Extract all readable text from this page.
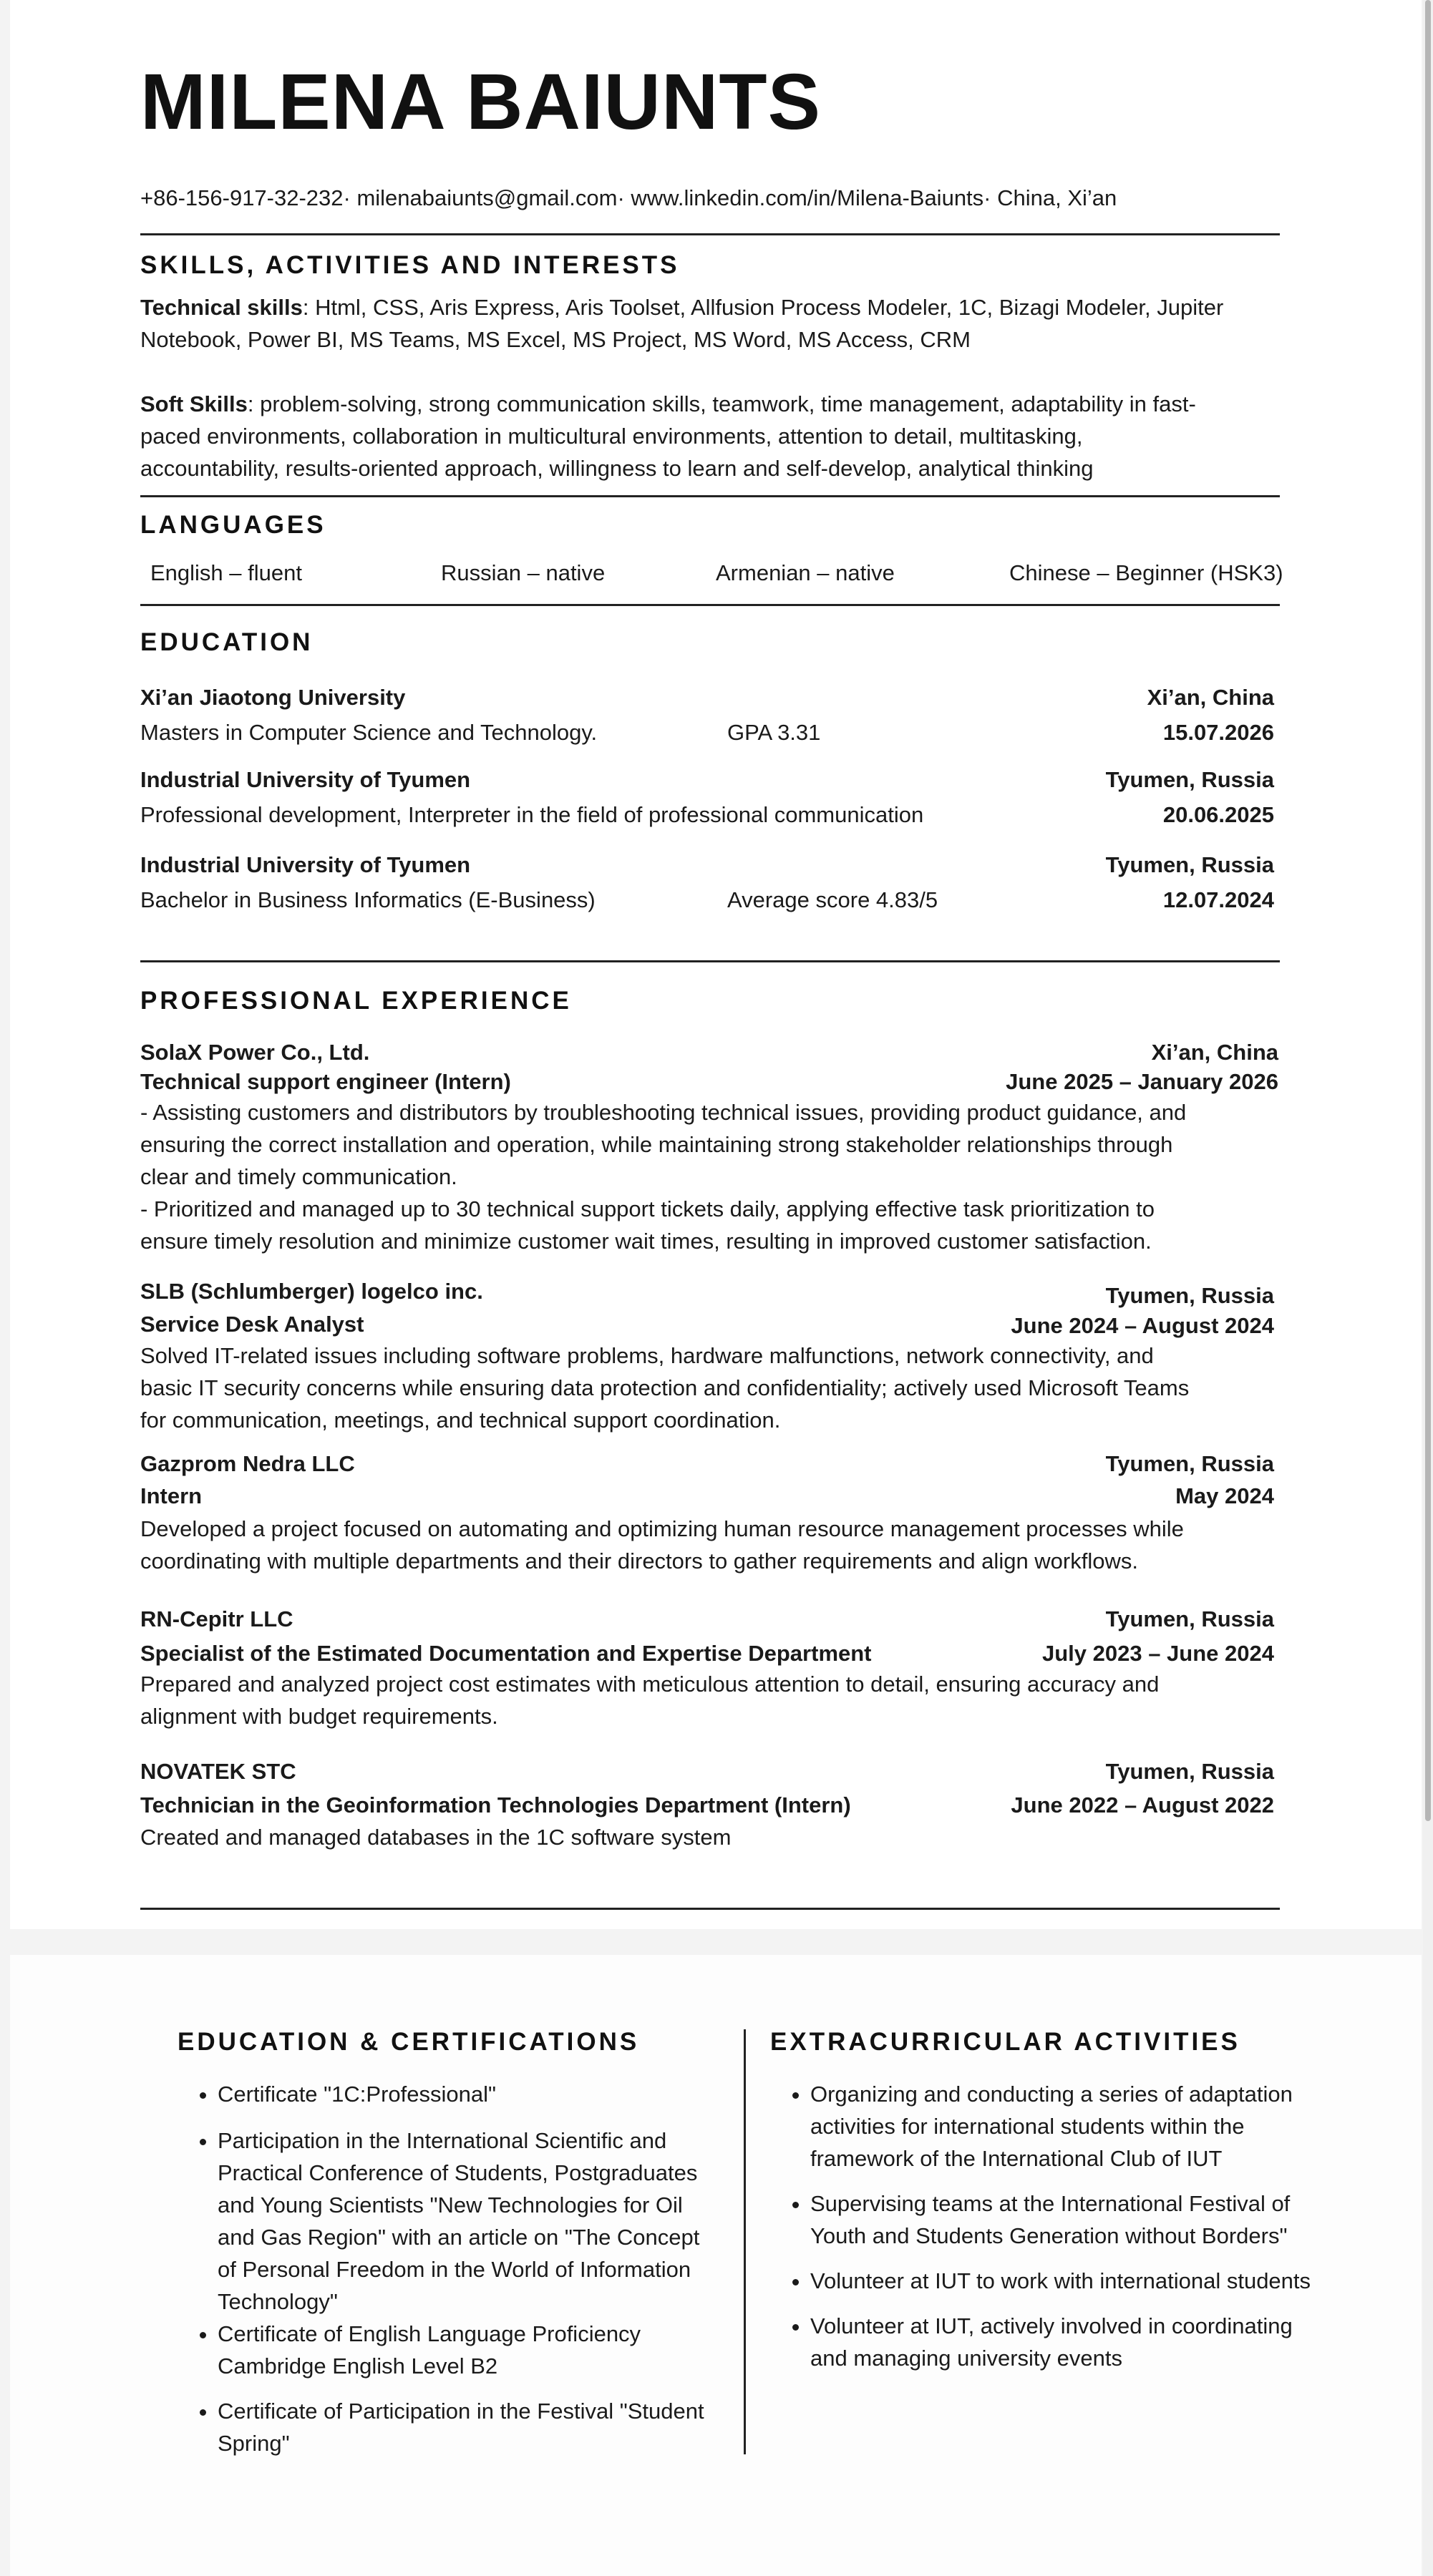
MILENA BAIUNTS
+86-156-917-32-232· milenabaiunts@gmail.com· www.linkedin.com/in/Milena-Baiunts· China, Xi’an
SKILLS, ACTIVITIES AND INTERESTS
Technical skills: Html, CSS, Aris Express, Aris Toolset, Allfusion Process Modeler, 1C, Bizagi Modeler, Jupiter
Notebook, Power BI, MS Teams, MS Excel, MS Project, MS Word, MS Access, CRM
Soft Skills: problem-solving, strong communication skills, teamwork, time management, adaptability in fast-
paced environments, collaboration in multicultural environments, attention to detail, multitasking,
accountability, results-oriented approach, willingness to learn and self-develop, analytical thinking
LANGUAGES
English – fluent	Russian – native	Armenian – native	Chinese – Beginner (HSK3)
EDUCATION
Xi’an Jiaotong University	Xi’an, China
Masters in Computer Science and Technology.	GPA 3.31	15.07.2026
Industrial University of Tyumen	Tyumen, Russia
Professional development, Interpreter in the field of professional communication	20.06.2025
Industrial University of Tyumen	Tyumen, Russia
Bachelor in Business Informatics (E-Business)	Average score 4.83/5	12.07.2024
PROFESSIONAL EXPERIENCE
SolaX Power Co., Ltd.	Xi’an, China
Technical support engineer (Intern)	June 2025 – January 2026
- Assisting customers and distributors by troubleshooting technical issues, providing product guidance, and
ensuring the correct installation and operation, while maintaining strong stakeholder relationships through
clear and timely communication.
- Prioritized and managed up to 30 technical support tickets daily, applying effective task prioritization to
ensure timely resolution and minimize customer wait times, resulting in improved customer satisfaction.
SLB (Schlumberger) logelco inc.	Tyumen, Russia
Service Desk Analyst	June 2024 – August 2024
Solved IT-related issues including software problems, hardware malfunctions, network connectivity, and
basic IT security concerns while ensuring data protection and confidentiality; actively used Microsoft Teams
for communication, meetings, and technical support coordination.
Gazprom Nedra LLC	Tyumen, Russia
Intern	May 2024
Developed a project focused on automating and optimizing human resource management processes while
coordinating with multiple departments and their directors to gather requirements and align workflows.
RN-Cepitr LLC	Tyumen, Russia
Specialist of the Estimated Documentation and Expertise Department	July 2023 – June 2024
Prepared and analyzed project cost estimates with meticulous attention to detail, ensuring accuracy and
alignment with budget requirements.
NOVATEK STC	Tyumen, Russia
Technician in the Geoinformation Technologies Department (Intern)	June 2022 – August 2022
Created and managed databases in the 1C software system
EDUCATION & CERTIFICATIONS
• Certificate "1C:Professional"
• Participation in the International Scientific and Practical Conference of Students, Postgraduates and Young Scientists "New Technologies for Oil and Gas Region" with an article on "The Concept of Personal Freedom in the World of Information Technology"
• Certificate of English Language Proficiency Cambridge English Level B2
• Certificate of Participation in the Festival "Student Spring"
EXTRACURRICULAR ACTIVITIES
• Organizing and conducting a series of adaptation activities for international students within the framework of the International Club of IUT
• Supervising teams at the International Festival of Youth and Students Generation without Borders"
• Volunteer at IUT to work with international students
• Volunteer at IUT, actively involved in coordinating and managing university events
